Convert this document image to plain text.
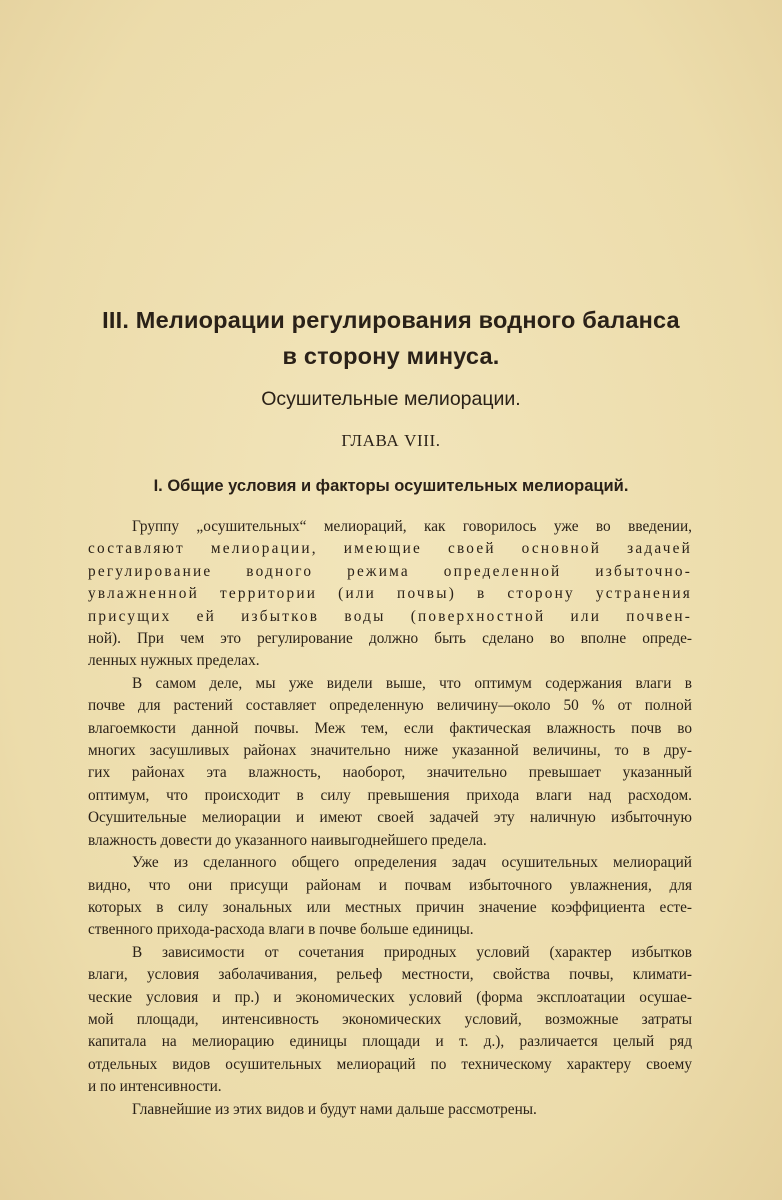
III. Мелиорации регулирования водного баланса
в сторону минуса.
Осушительные мелиорации.
ГЛАВА VIII.
I. Общие условия и факторы осушительных мелиораций.

Группу „осушительных“ мелиораций, как говорилось уже во введении,
составляют мелиорации, имеющие своей основной задачей
регулирование водного режима определенной избыточно-
увлажненной территории (или почвы) в сторону устранения
присущих ей избытков воды (поверхностной или почвен-
ной). При чем это регулирование должно быть сделано во вполне опреде-
ленных нужных пределах.

В самом деле, мы уже видели выше, что оптимум содержания влаги в
почве для растений составляет определенную величину—около 50 % от полной
влагоемкости данной почвы. Меж тем, если фактическая влажность почв во
многих засушливых районах значительно ниже указанной величины, то в дру-
гих районах эта влажность, наоборот, значительно превышает указанный
оптимум, что происходит в силу превышения прихода влаги над расходом.
Осушительные мелиорации и имеют своей задачей эту наличную избыточную
влажность довести до указанного наивыгоднейшего предела.

Уже из сделанного общего определения задач осушительных мелиораций
видно, что они присущи районам и почвам избыточного увлажнения, для
которых в силу зональных или местных причин значение коэффициента есте-
ственного прихода-расхода влаги в почве больше единицы.

В зависимости от сочетания природных условий (характер избытков
влаги, условия заболачивания, рельеф местности, свойства почвы, климати-
ческие условия и пр.) и экономических условий (форма эксплоатации осушае-
мой площади, интенсивность экономических условий, возможные затраты
капитала на мелиорацию единицы площади и т. д.), различается целый ряд
отдельных видов осушительных мелиораций по техническому характеру своему
и по интенсивности.

Главнейшие из этих видов и будут нами дальше рассмотрены.
